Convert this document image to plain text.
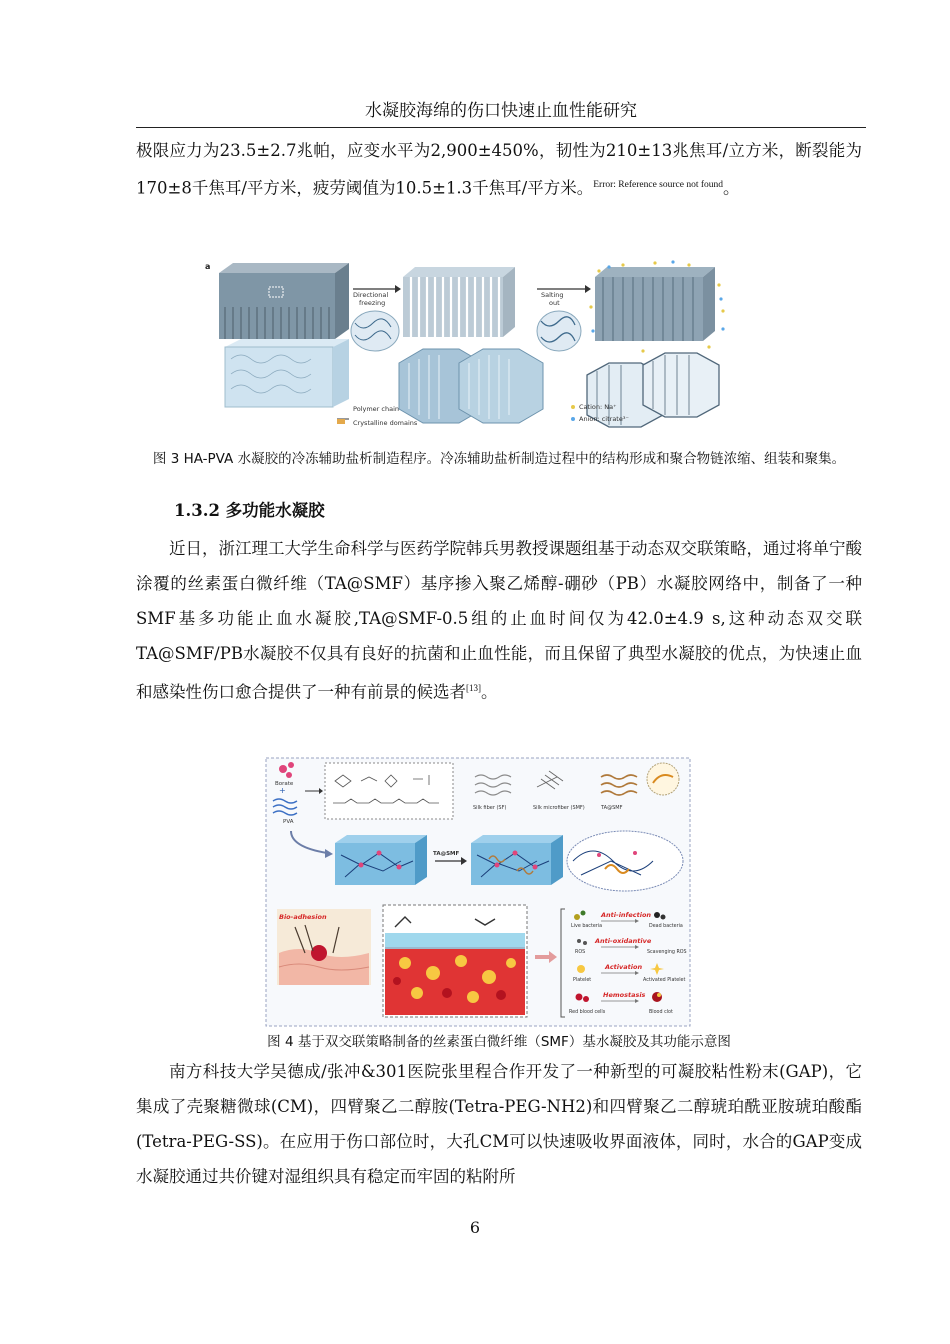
水凝胶海绵的伤口快速止血性能研究

极限应力为23.5±2.7兆帕，应变水平为2,900±450%，韧性为210±13兆焦耳/立方米，断裂能为170±8千焦耳/平方米，疲劳阈值为10.5±1.3千焦耳/平方米。$^{Error: Reference source not found}$。

a
Polymer chain
Crystalline domains
Directional
freezing
Salting
out
Cation: Na⁺
Anion: citrate³⁻
图 3 HA-PVA 水凝胶的冷冻辅助盐析制造程序。冷冻辅助盐析制造过程中的结构形成和聚合物链浓缩、组装和聚集。
1.3.2 多功能水凝胶

近日，浙江理工大学生命科学与医药学院韩兵男教授课题组基于动态双交联策略，通过将单宁酸涂覆的丝素蛋白微纤维（TA@SMF）基序掺入聚乙烯醇-硼砂（PB）水凝胶网络中，制备了一种SMF基多功能止血水凝胶,TA@SMF-0.5组的止血时间仅为42.0±4.9 s,这种动态双交联TA@SMF/PB水凝胶不仅具有良好的抗菌和止血性能，而且保留了典型水凝胶的优点，为快速止血和感染性伤口愈合提供了一种有前景的候选者[13]。

Borate
+
PVA
Silk fiber (SF)	Silk microfiber (SMF)	TA@SMF
TA@SMF
Bio-adhesion	Anti-infection
Live bacteria	Dead bacteria
Anti-oxidantive
ROS	Scavenging ROS
Activation
Platelet	Activated Platelet
Hemostasis
Red blood cells	Blood clot
图 4 基于双交联策略制备的丝素蛋白微纤维（SMF）基水凝胶及其功能示意图

南方科技大学吴德成/张冲&301医院张里程合作开发了一种新型的可凝胶粘性粉末(GAP)，它集成了壳聚糖微球(CM)，四臂聚乙二醇胺(Tetra-PEG-NH2)和四臂聚乙二醇琥珀酰亚胺琥珀酸酯(Tetra-PEG-SS)。在应用于伤口部位时，大孔CM可以快速吸收界面液体，同时，水合的GAP变成水凝胶通过共价键对湿组织具有稳定而牢固的粘附所

6
